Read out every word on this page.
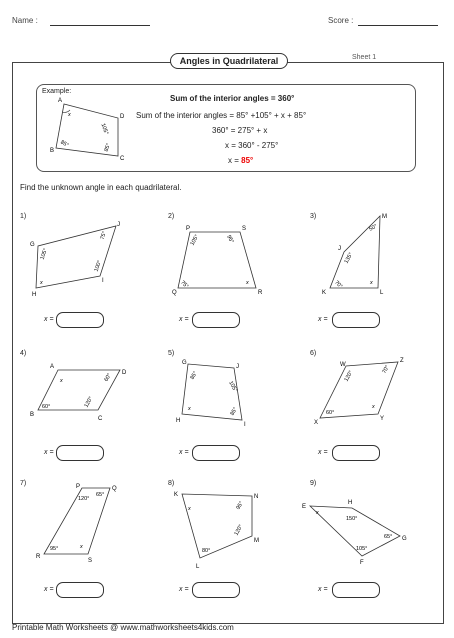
Name :	Score :
Angles in Quadrilateral	Sheet 1
Example:
A
B
C
D
105°
85°	85°
x
Sum of the interior angles = 360°
Sum of the interior angles = 85° +105° + x + 85°
360° = 275° + x
x = 360° - 275°
x = 85°
Find the unknown angle in each quadrilateral.
1)
G
H
I
J
105°
x
100°
75°
x =
2)
P
Q	R
S
105°
75°	x
95°
x =
3)
J
K	L
M
135°
70°	x
50°
x =
4)
A
B
C
D
x
60°	120°
60°
x =
5)
G
H
I
J
85°
x	85°
105°
x =
6)
W
X
Y
Z
120°
60°
x
70°
x =
7)	P	Q
R
S
120°
65°
95°	x
x =
8)
K
L
M
N
x
80°
120°
95°
x =
9)
E
F
G
H
x
105°
65°
150°
x =
Printable Math Worksheets @ www.mathworksheets4kids.com
